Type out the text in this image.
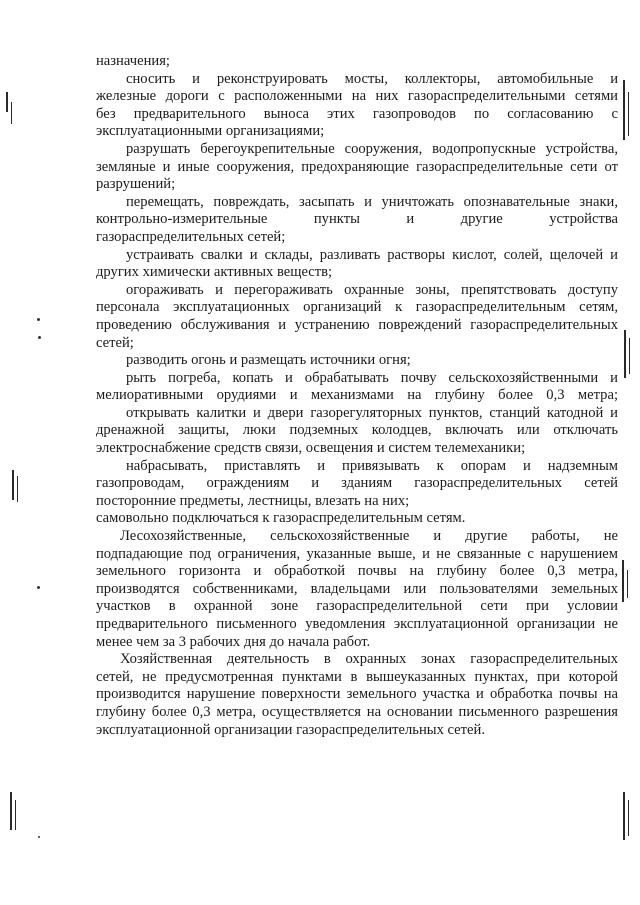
назначения;
сносить и реконструировать мосты, коллекторы, автомобильные и
железные дороги с расположенными на них газораспределительными сетями
без предварительного выноса этих газопроводов по согласованию с
эксплуатационными организациями;
разрушать берегоукрепительные сооружения, водопропускные устройства,
земляные и иные сооружения, предохраняющие газораспределительные сети от
разрушений;
перемещать, повреждать, засыпать и уничтожать опознавательные знаки,
контрольно-измерительные пункты и другие устройства
газораспределительных сетей;
устраивать свалки и склады, разливать растворы кислот, солей, щелочей и
других химически активных веществ;
огораживать и перегораживать охранные зоны, препятствовать доступу
персонала эксплуатационных организаций к газораспределительным сетям,
проведению обслуживания и устранению повреждений газораспределительных
сетей;
разводить огонь и размещать источники огня;
рыть погреба, копать и обрабатывать почву сельскохозяйственными и
мелиоративными орудиями и механизмами на глубину более 0,3 метра;
открывать калитки и двери газорегуляторных пунктов, станций катодной и
дренажной защиты, люки подземных колодцев, включать или отключать
электроснабжение средств связи, освещения и систем телемеханики;
набрасывать, приставлять и привязывать к опорам и надземным
газопроводам, ограждениям и зданиям газораспределительных сетей
посторонние предметы, лестницы, влезать на них;
самовольно подключаться к газораспределительным сетям.
Лесохозяйственные, сельскохозяйственные и другие работы, не
подпадающие под ограничения, указанные выше, и не связанные с нарушением
земельного горизонта и обработкой почвы на глубину более 0,3 метра,
производятся собственниками, владельцами или пользователями земельных
участков в охранной зоне газораспределительной сети при условии
предварительного письменного уведомления эксплуатационной организации не
менее чем за 3 рабочих дня до начала работ.
Хозяйственная деятельность в охранных зонах газораспределительных
сетей, не предусмотренная пунктами в вышеуказанных пунктах, при которой
производится нарушение поверхности земельного участка и обработка почвы на
глубину более 0,3 метра, осуществляется на основании письменного разрешения
эксплуатационной организации газораспределительных сетей.
